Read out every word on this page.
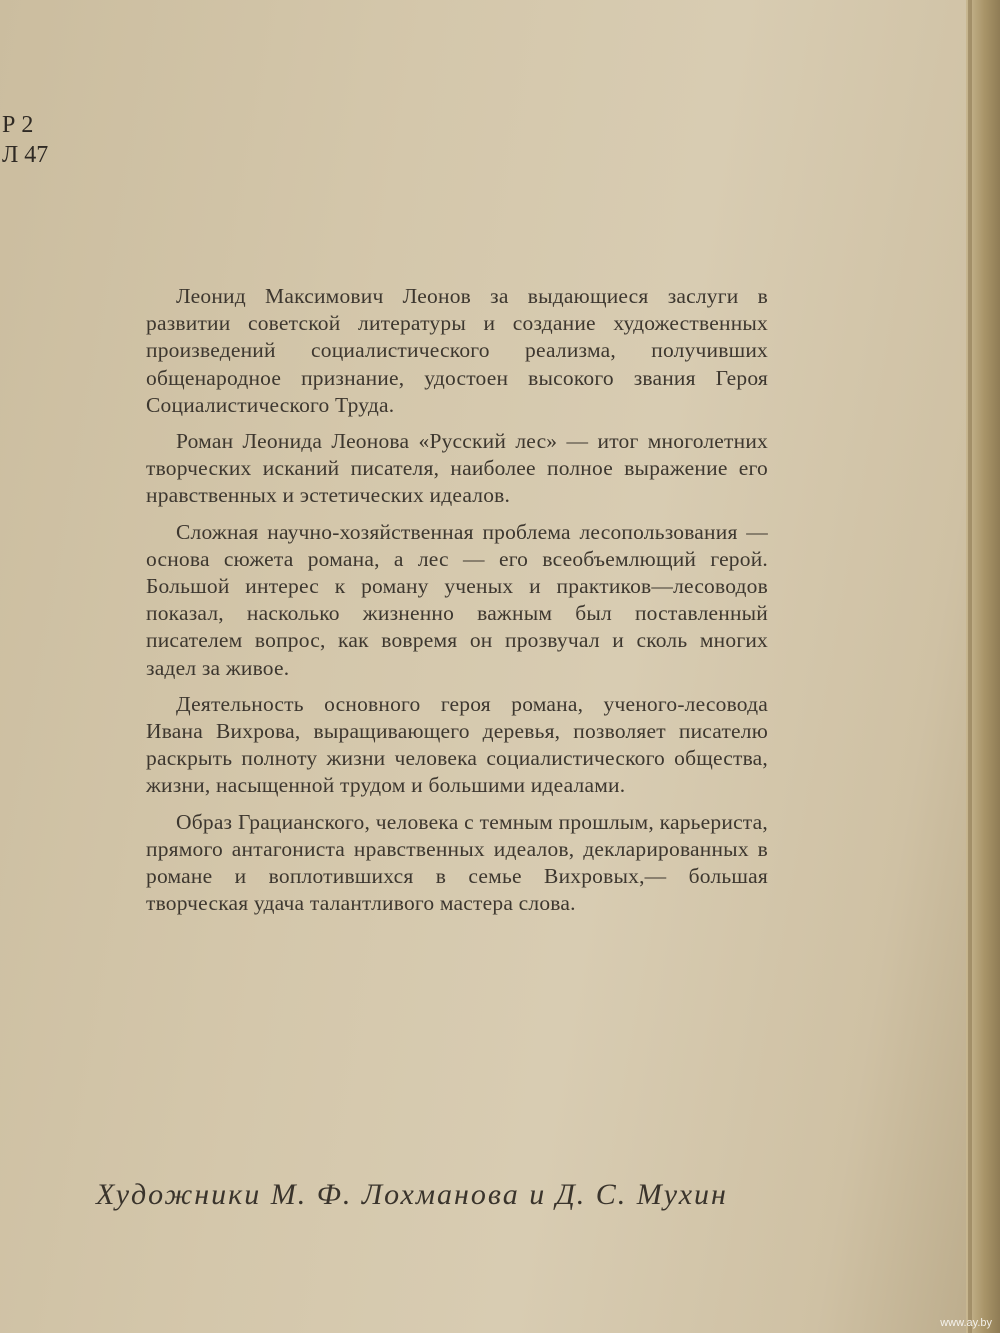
Р 2
Л 47

Леонид Максимович Леонов за выдающиеся заслуги в развитии советской литературы и создание художественных произведений социалистического реализма, получивших общенародное признание, удостоен высокого звания Героя Социалистического Труда.

Роман Леонида Леонова «Русский лес» — итог многолетних творческих исканий писателя, наиболее полное выражение его нравственных и эстетических идеалов.

Сложная научно-хозяйственная проблема лесопользования — основа сюжета романа, а лес — его всеобъемлющий герой. Большой интерес к роману ученых и практиков—лесоводов показал, насколько жизненно важным был поставленный писателем вопрос, как вовремя он прозвучал и сколь многих задел за живое.

Деятельность основного героя романа, ученого-лесовода Ивана Вихрова, выращивающего деревья, позволяет писателю раскрыть полноту жизни человека социалистического общества, жизни, насыщенной трудом и большими идеалами.

Образ Грацианского, человека с темным прошлым, карьериста, прямого антагониста нравственных идеалов, декларированных в романе и воплотившихся в семье Вихровых,— большая творческая удача талантливого мастера слова.

Художники М. Ф. Лохманова и Д. С. Мухин
www.ay.by
